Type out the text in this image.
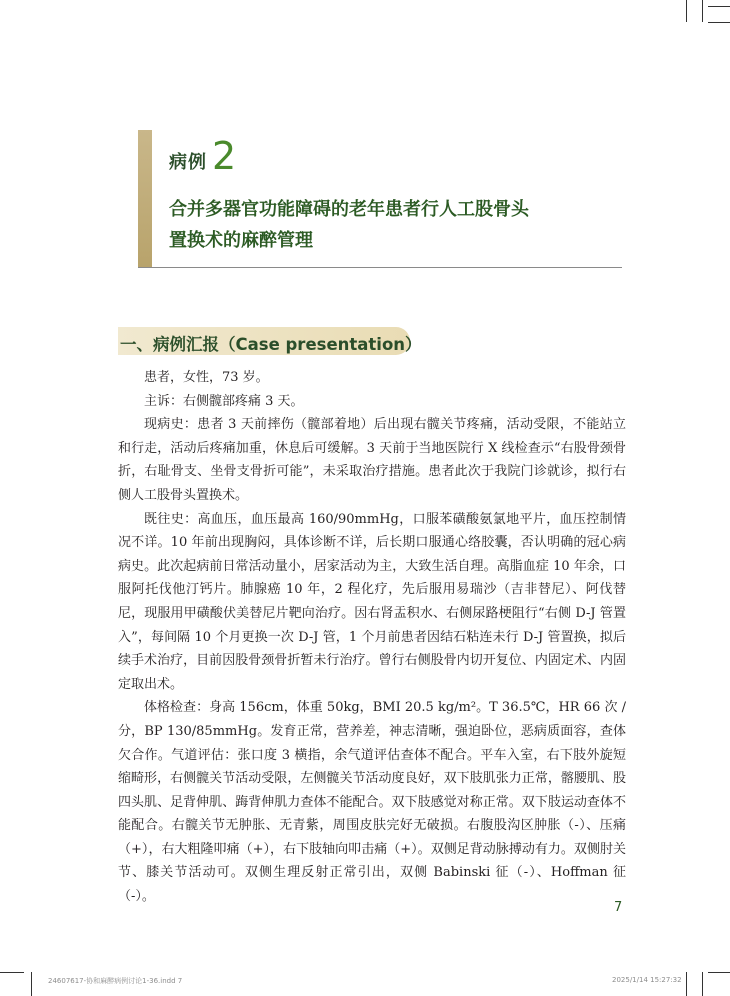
病例 2
合并多器官功能障碍的老年患者行人工股骨头
置换术的麻醉管理
一、病例汇报（Case presentation）

患者，女性，73 岁。

主诉：右侧髋部疼痛 3 天。

现病史：患者 3 天前摔伤（髋部着地）后出现右髋关节疼痛，活动受限，不能站立和行走，活动后疼痛加重，休息后可缓解。3 天前于当地医院行 X 线检查示“右股骨颈骨折，右耻骨支、坐骨支骨折可能”，未采取治疗措施。患者此次于我院门诊就诊，拟行右侧人工股骨头置换术。

既往史：高血压，血压最高 160/90mmHg，口服苯磺酸氨氯地平片，血压控制情况不详。10 年前出现胸闷，具体诊断不详，后长期口服通心络胶囊，否认明确的冠心病病史。此次起病前日常活动量小，居家活动为主，大致生活自理。高脂血症 10 年余，口服阿托伐他汀钙片。肺腺癌 10 年，2 程化疗，先后服用易瑞沙（吉非替尼）、阿伐替尼，现服用甲磺酸伏美替尼片靶向治疗。因右肾盂积水、右侧尿路梗阻行“右侧 D-J 管置入”，每间隔 10 个月更换一次 D-J 管，1 个月前患者因结石粘连未行 D-J 管置换，拟后续手术治疗，目前因股骨颈骨折暂未行治疗。曾行右侧股骨内切开复位、内固定术、内固定取出术。

体格检查：身高 156cm，体重 50kg，BMI 20.5 kg/m²。T 36.5℃，HR 66 次 / 分，BP 130/85mmHg。发育正常，营养差，神志清晰，强迫卧位，恶病质面容，查体欠合作。气道评估：张口度 3 横指，余气道评估查体不配合。平车入室，右下肢外旋短缩畸形，右侧髋关节活动受限，左侧髋关节活动度良好，双下肢肌张力正常，髂腰肌、股四头肌、足背伸肌、踇背伸肌力查体不能配合。双下肢感觉对称正常。双下肢运动查体不能配合。右髋关节无肿胀、无青紫，周围皮肤完好无破损。右腹股沟区肿胀（-）、压痛（+），右大粗隆叩痛（+），右下肢轴向叩击痛（+）。双侧足背动脉搏动有力。双侧肘关节、膝关节活动可。双侧生理反射正常引出，双侧 Babinski 征（-）、Hoffman 征（-）。

7
24607617-协和麻醉病例讨论1-36.indd 7	2025/1/14 15:27:32
